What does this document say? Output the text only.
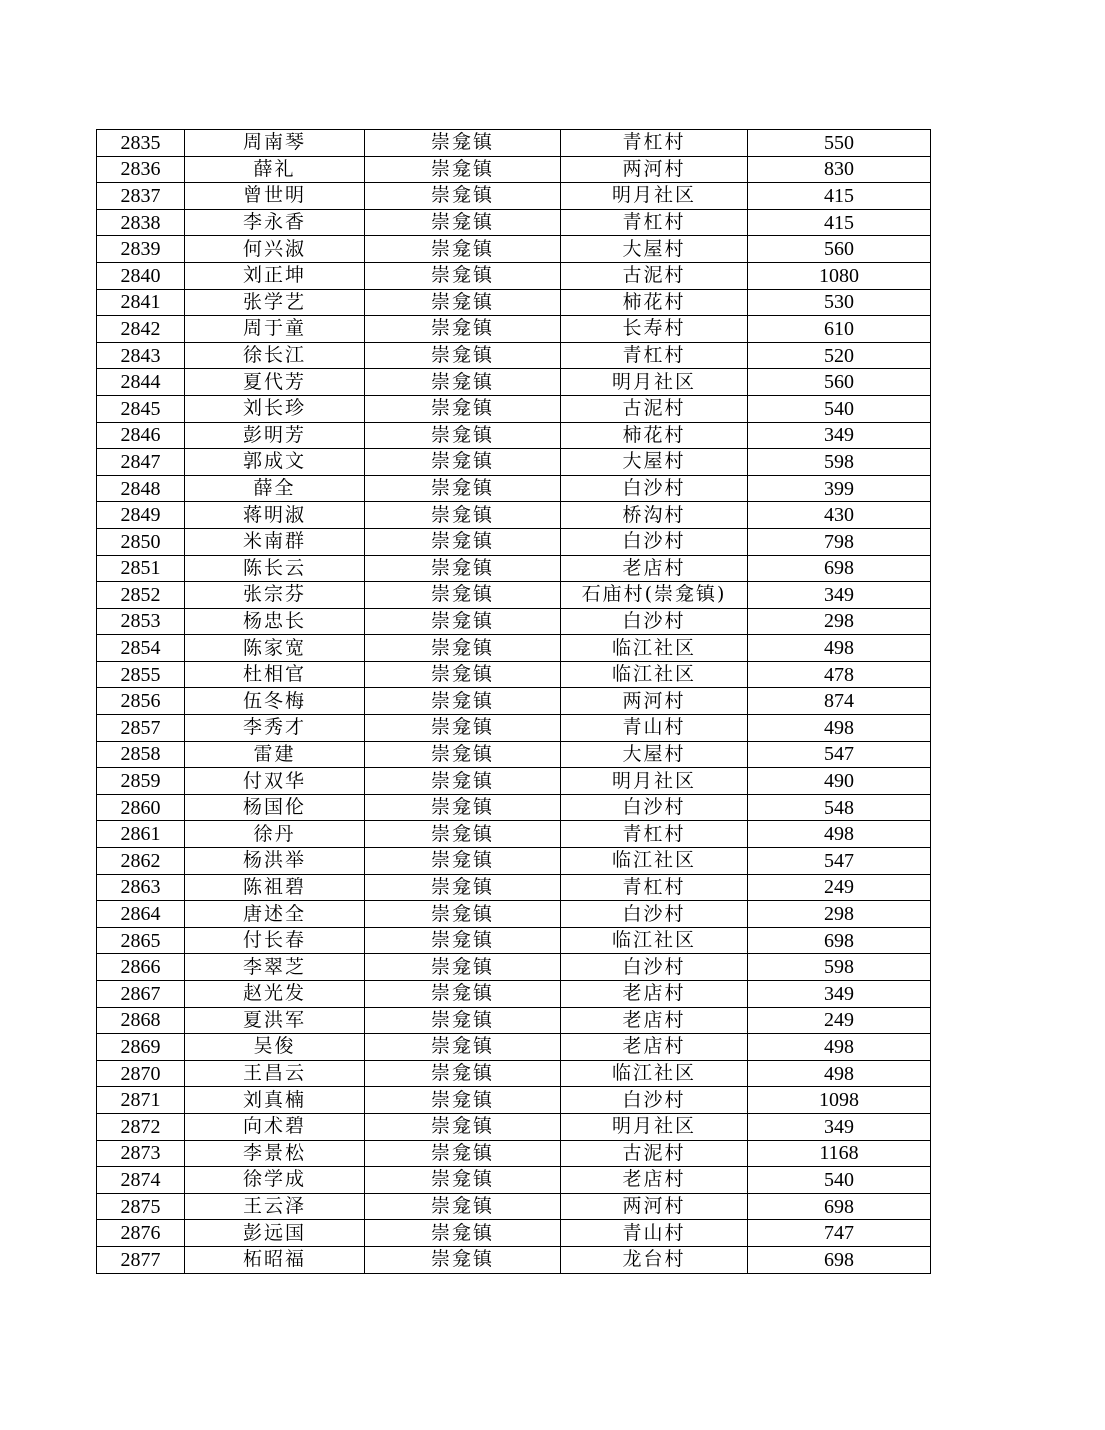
2835	周南琴	崇龛镇	青杠村	550
2836	薛礼	崇龛镇	两河村	830
2837	曾世明	崇龛镇	明月社区	415
2838	李永香	崇龛镇	青杠村	415
2839	何兴淑	崇龛镇	大屋村	560
2840	刘正坤	崇龛镇	古泥村	1080
2841	张学艺	崇龛镇	柿花村	530
2842	周于童	崇龛镇	长寿村	610
2843	徐长江	崇龛镇	青杠村	520
2844	夏代芳	崇龛镇	明月社区	560
2845	刘长珍	崇龛镇	古泥村	540
2846	彭明芳	崇龛镇	柿花村	349
2847	郭成文	崇龛镇	大屋村	598
2848	薛全	崇龛镇	白沙村	399
2849	蒋明淑	崇龛镇	桥沟村	430
2850	米南群	崇龛镇	白沙村	798
2851	陈长云	崇龛镇	老店村	698
2852	张宗芬	崇龛镇	石庙村(崇龛镇)	349
2853	杨忠长	崇龛镇	白沙村	298
2854	陈家宽	崇龛镇	临江社区	498
2855	杜相官	崇龛镇	临江社区	478
2856	伍冬梅	崇龛镇	两河村	874
2857	李秀才	崇龛镇	青山村	498
2858	雷建	崇龛镇	大屋村	547
2859	付双华	崇龛镇	明月社区	490
2860	杨国伦	崇龛镇	白沙村	548
2861	徐丹	崇龛镇	青杠村	498
2862	杨洪举	崇龛镇	临江社区	547
2863	陈祖碧	崇龛镇	青杠村	249
2864	唐述全	崇龛镇	白沙村	298
2865	付长春	崇龛镇	临江社区	698
2866	李翠芝	崇龛镇	白沙村	598
2867	赵光发	崇龛镇	老店村	349
2868	夏洪军	崇龛镇	老店村	249
2869	吴俊	崇龛镇	老店村	498
2870	王昌云	崇龛镇	临江社区	498
2871	刘真楠	崇龛镇	白沙村	1098
2872	向术碧	崇龛镇	明月社区	349
2873	李景松	崇龛镇	古泥村	1168
2874	徐学成	崇龛镇	老店村	540
2875	王云泽	崇龛镇	两河村	698
2876	彭远国	崇龛镇	青山村	747
2877	柘昭福	崇龛镇	龙台村	698
